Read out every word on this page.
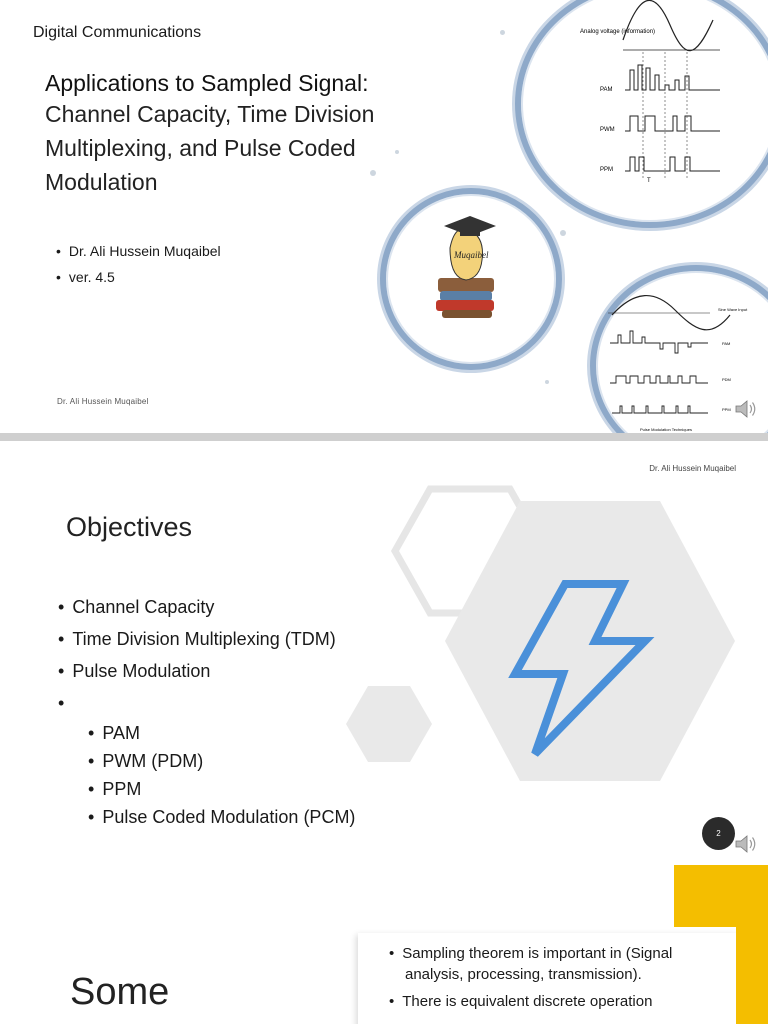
Digital Communications
Applications to Sampled Signal:
Channel Capacity, Time Division Multiplexing, and Pulse Coded Modulation
• Dr. Ali Hussein Muqaibel
• ver. 4.5
Dr. Ali Hussein Muqaibel
Analog voltage (information)
PAM
PWM
PPM
T
Muqaibel
Sine Wave Input
PAM
PDM
PPM
Pulse Modulation Techniques
Dr. Ali Hussein Muqaibel
Objectives
• Channel Capacity
• Time Division Multiplexing (TDM)
• Pulse Modulation
• • PAM
• PWM (PDM)
• PPM
• Pulse Coded Modulation (PCM)
2
Some
• Sampling theorem is important in (Signal analysis, processing, transmission).
• There is equivalent discrete operation
